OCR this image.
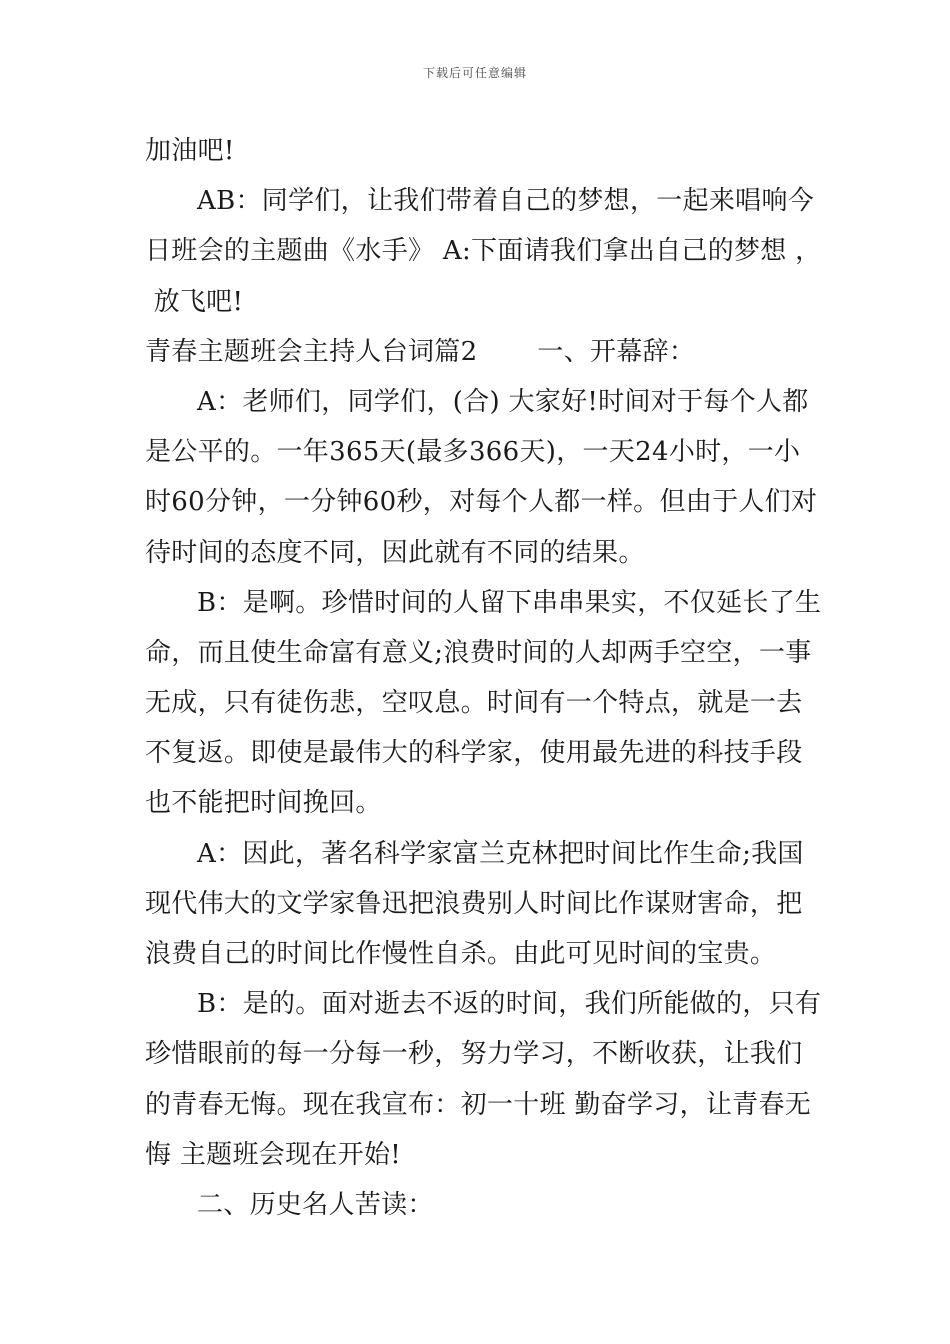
下载后可任意编辑
加油吧!
AB：同学们，让我们带着自己的梦想，一起来唱响今
日班会的主题曲《水手》 A:下面请我们拿出自己的梦想 ，
放飞吧!
青春主题班会主持人台词篇2       一、开幕辞：
A：老师们，同学们，(合) 大家好!时间对于每个人都
是公平的。一年365天(最多366天)，一天24小时，一小
时60分钟，一分钟60秒，对每个人都一样。但由于人们对
待时间的态度不同，因此就有不同的结果。
B：是啊。珍惜时间的人留下串串果实，不仅延长了生
命，而且使生命富有意义;浪费时间的人却两手空空，一事
无成，只有徒伤悲，空叹息。时间有一个特点，就是一去
不复返。即使是最伟大的科学家，使用最先进的科技手段
也不能把时间挽回。
A：因此，著名科学家富兰克林把时间比作生命;我国
现代伟大的文学家鲁迅把浪费别人时间比作谋财害命，把
浪费自己的时间比作慢性自杀。由此可见时间的宝贵。
B：是的。面对逝去不返的时间，我们所能做的，只有
珍惜眼前的每一分每一秒，努力学习，不断收获，让我们
的青春无悔。现在我宣布：初一十班 勤奋学习，让青春无
悔 主题班会现在开始!
二、历史名人苦读：
